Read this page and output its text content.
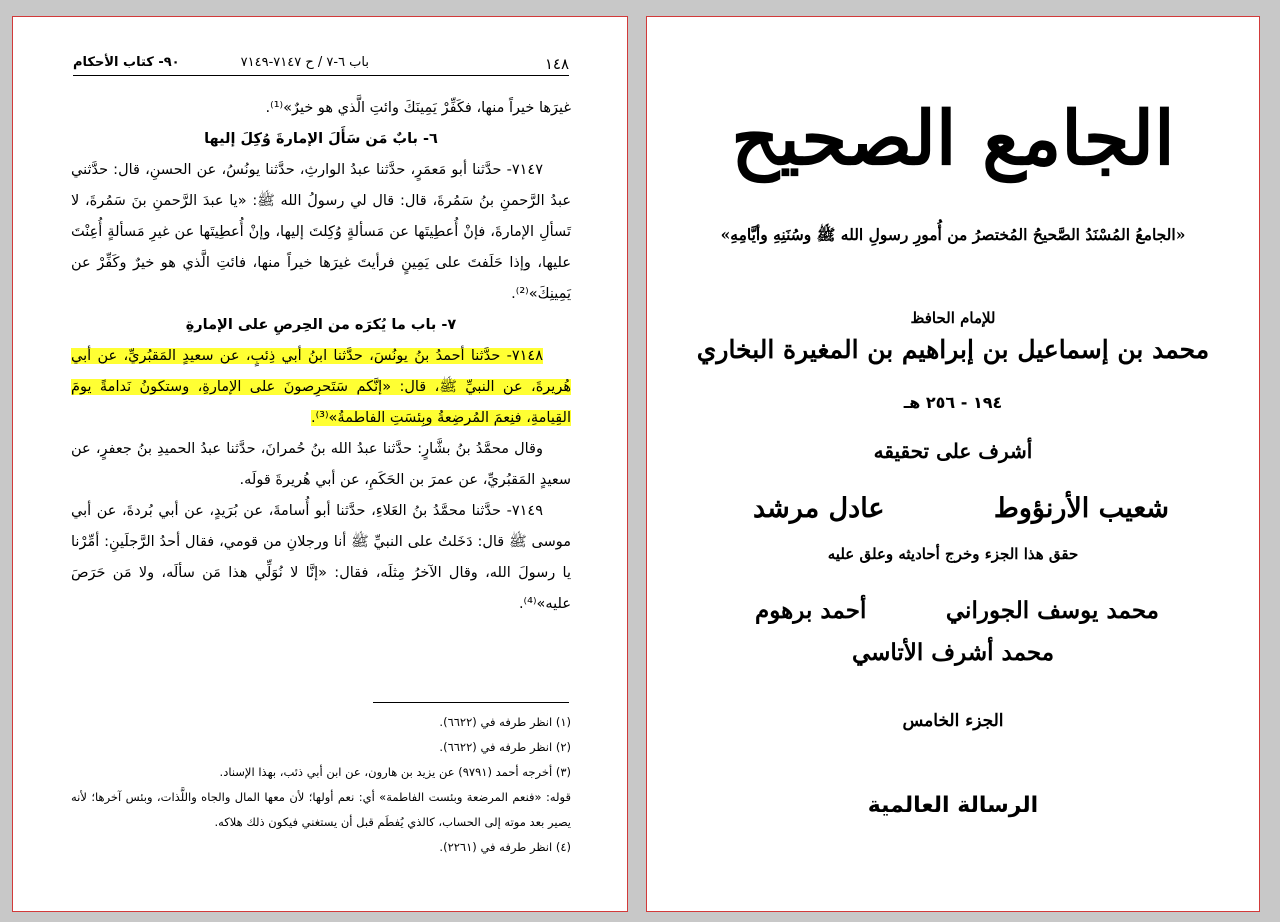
١٤٨
باب ٦-٧ / ح ٧١٤٧-٧١٤٩
٩٠- كتاب الأحكام

غيرَها خيراً منها، فكَفِّرْ يَمِينَكَ وائتِ الَّذي هو خيرٌ»⁽¹⁾.

٦- بابٌ مَن سَأَلَ الإمارةَ وُكِلَ إليها

٧١٤٧- حدَّثنا أبو مَعمَرٍ، حدَّثنا عبدُ الوارثِ، حدَّثنا يونُسُ، عن الحسنِ، قال: حدَّثني عبدُ الرَّحمنِ بنُ سَمُرةَ، قال: قال لي رسولُ الله ﷺ: «يا عبدَ الرَّحمنِ بنَ سَمُرةَ، لا تَسألِ الإمارةَ، فإنْ أُعطِيتَها عن مَسألةٍ وُكِلتَ إليها، وإنْ أُعطِيتَها عن غيرِ مَسألةٍ أُعِنْتَ عليها، وإذا حَلَفتَ على يَمِينٍ فرأيتَ غيرَها خيراً منها، فائتِ الَّذي هو خيرٌ وكَفِّرْ عن يَمِينِكَ»⁽²⁾.

٧- باب ما يُكرَه من الحِرصِ على الإمارةِ

٧١٤٨- حدَّثنا أحمدُ بنُ يونُسَ، حدَّثنا ابنُ أبي ذِئبٍ، عن سعيدٍ المَقبُريِّ، عن أبي هُريرةَ، عن النبيِّ ﷺ، قال: «إنَّكم سَتَحرِصونَ على الإمارةِ، وستكونُ نَدامةً يومَ القِيامةِ، فنِعمَ المُرضِعةُ وبِئسَتِ الفاطمةُ»⁽³⁾.

وقال محمَّدُ بنُ بشَّارٍ: حدَّثنا عبدُ الله بنُ حُمرانَ، حدَّثنا عبدُ الحميدِ بنُ جعفرٍ، عن سعيدٍ المَقبُريِّ، عن عمرَ بن الحَكَمِ، عن أبي هُريرةَ قولَه.

٧١٤٩- حدَّثنا محمَّدُ بنُ العَلاءِ، حدَّثنا أبو أُسامةَ، عن بُرَيدٍ، عن أبي بُردةَ، عن أبي موسى ﷺ قال: دَخَلتُ على النبيِّ ﷺ أنا ورجلانِ من قومي، فقال أحدُ الرَّجلَينِ: أمِّرْنا يا رسولَ الله، وقال الآخرُ مِثلَه، فقال: «إنَّا لا نُوَلِّي هذا مَن سألَه، ولا مَن حَرَصَ عليه»⁽⁴⁾.

(١) انظر طرفه في (٦٦٢٢).

(٢) انظر طرفه في (٦٦٢٢).

(٣) أخرجه أحمد (٩٧٩١) عن يزيد بن هارون، عن ابن أبي ذئب، بهذا الإسناد.

قوله: «فنعم المرضعة وبئست الفاطمة» أي: نعم أولها؛ لأن معها المال والجاه واللَّذات، وبئس آخرها؛ لأنه يصير بعد موته إلى الحساب، كالذي يُفطَم قبل أن يستغني فيكون ذلك هلاكه.

(٤) انظر طرفه في (٢٢٦١).

الجامع الصحيح
«الجامعُ المُسْنَدُ الصَّحيحُ المُختصرُ من أُمورِ رسولِ الله ﷺ وسُنَنِهِ وأيَّامِهِ»
للإمام الحافظ
محمد بن إسماعيل بن إبراهيم بن المغيرة البخاري
١٩٤ - ٢٥٦ هـ
أشرف على تحقيقه
شعيب الأرنؤوط
عادل مرشد
حقق هذا الجزء وخرج أحاديثه وعلق عليه
محمد يوسف الجوراني
أحمد برهوم
محمد أشرف الأتاسي
الجزء الخامس
الرسالة العالمية
